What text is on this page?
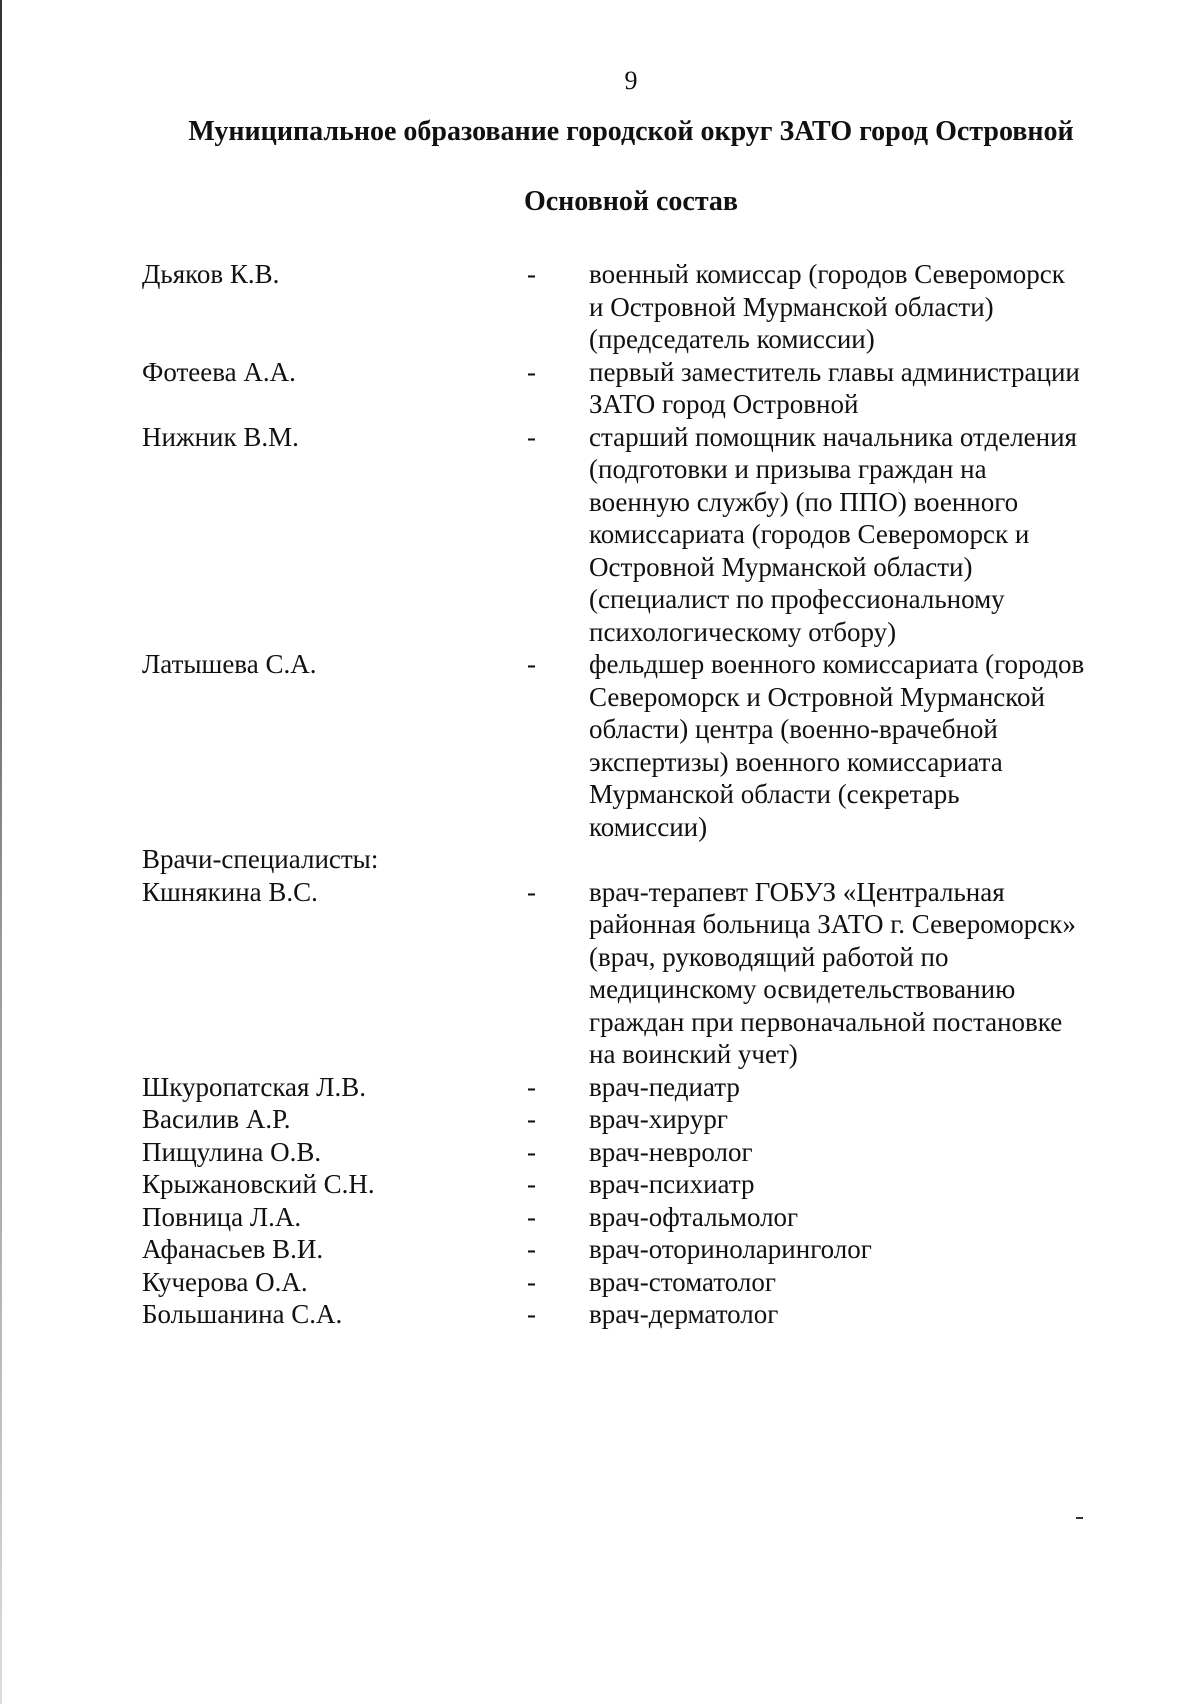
9
Муниципальное образование городской округ ЗАТО город Островной
Основной состав
Дьяков К.В.	-	военный комиссар (городов Североморск
и Островной Мурманской области)
(председатель комиссии)
Фотеева А.А.	-	первый заместитель главы администрации
ЗАТО город Островной
Нижник В.М.	-	старший помощник начальника отделения
(подготовки и призыва граждан на
военную службу) (по ППО) военного
комиссариата (городов Североморск и
Островной Мурманской области)
(специалист по профессиональному
психологическому отбору)
Латышева С.А.	-	фельдшер военного комиссариата (городов
Североморск и Островной Мурманской
области) центра (военно-врачебной
экспертизы) военного комиссариата
Мурманской области (секретарь
комиссии)
Врачи-специалисты:
Кшнякина В.С.	-	врач-терапевт ГОБУЗ «Центральная
районная больница ЗАТО г. Североморск»
(врач, руководящий работой по
медицинскому освидетельствованию
граждан при первоначальной постановке
на воинский учет)
Шкуропатская Л.В.	-	врач-педиатр
Василив А.Р.	-	врач-хирург
Пищулина О.В.	-	врач-невролог
Крыжановский С.Н.	-	врач-психиатр
Повница Л.А.	-	врач-офтальмолог
Афанасьев В.И.	-	врач-оториноларинголог
Кучерова О.А.	-	врач-стоматолог
Большанина С.А.	-	врач-дерматолог
